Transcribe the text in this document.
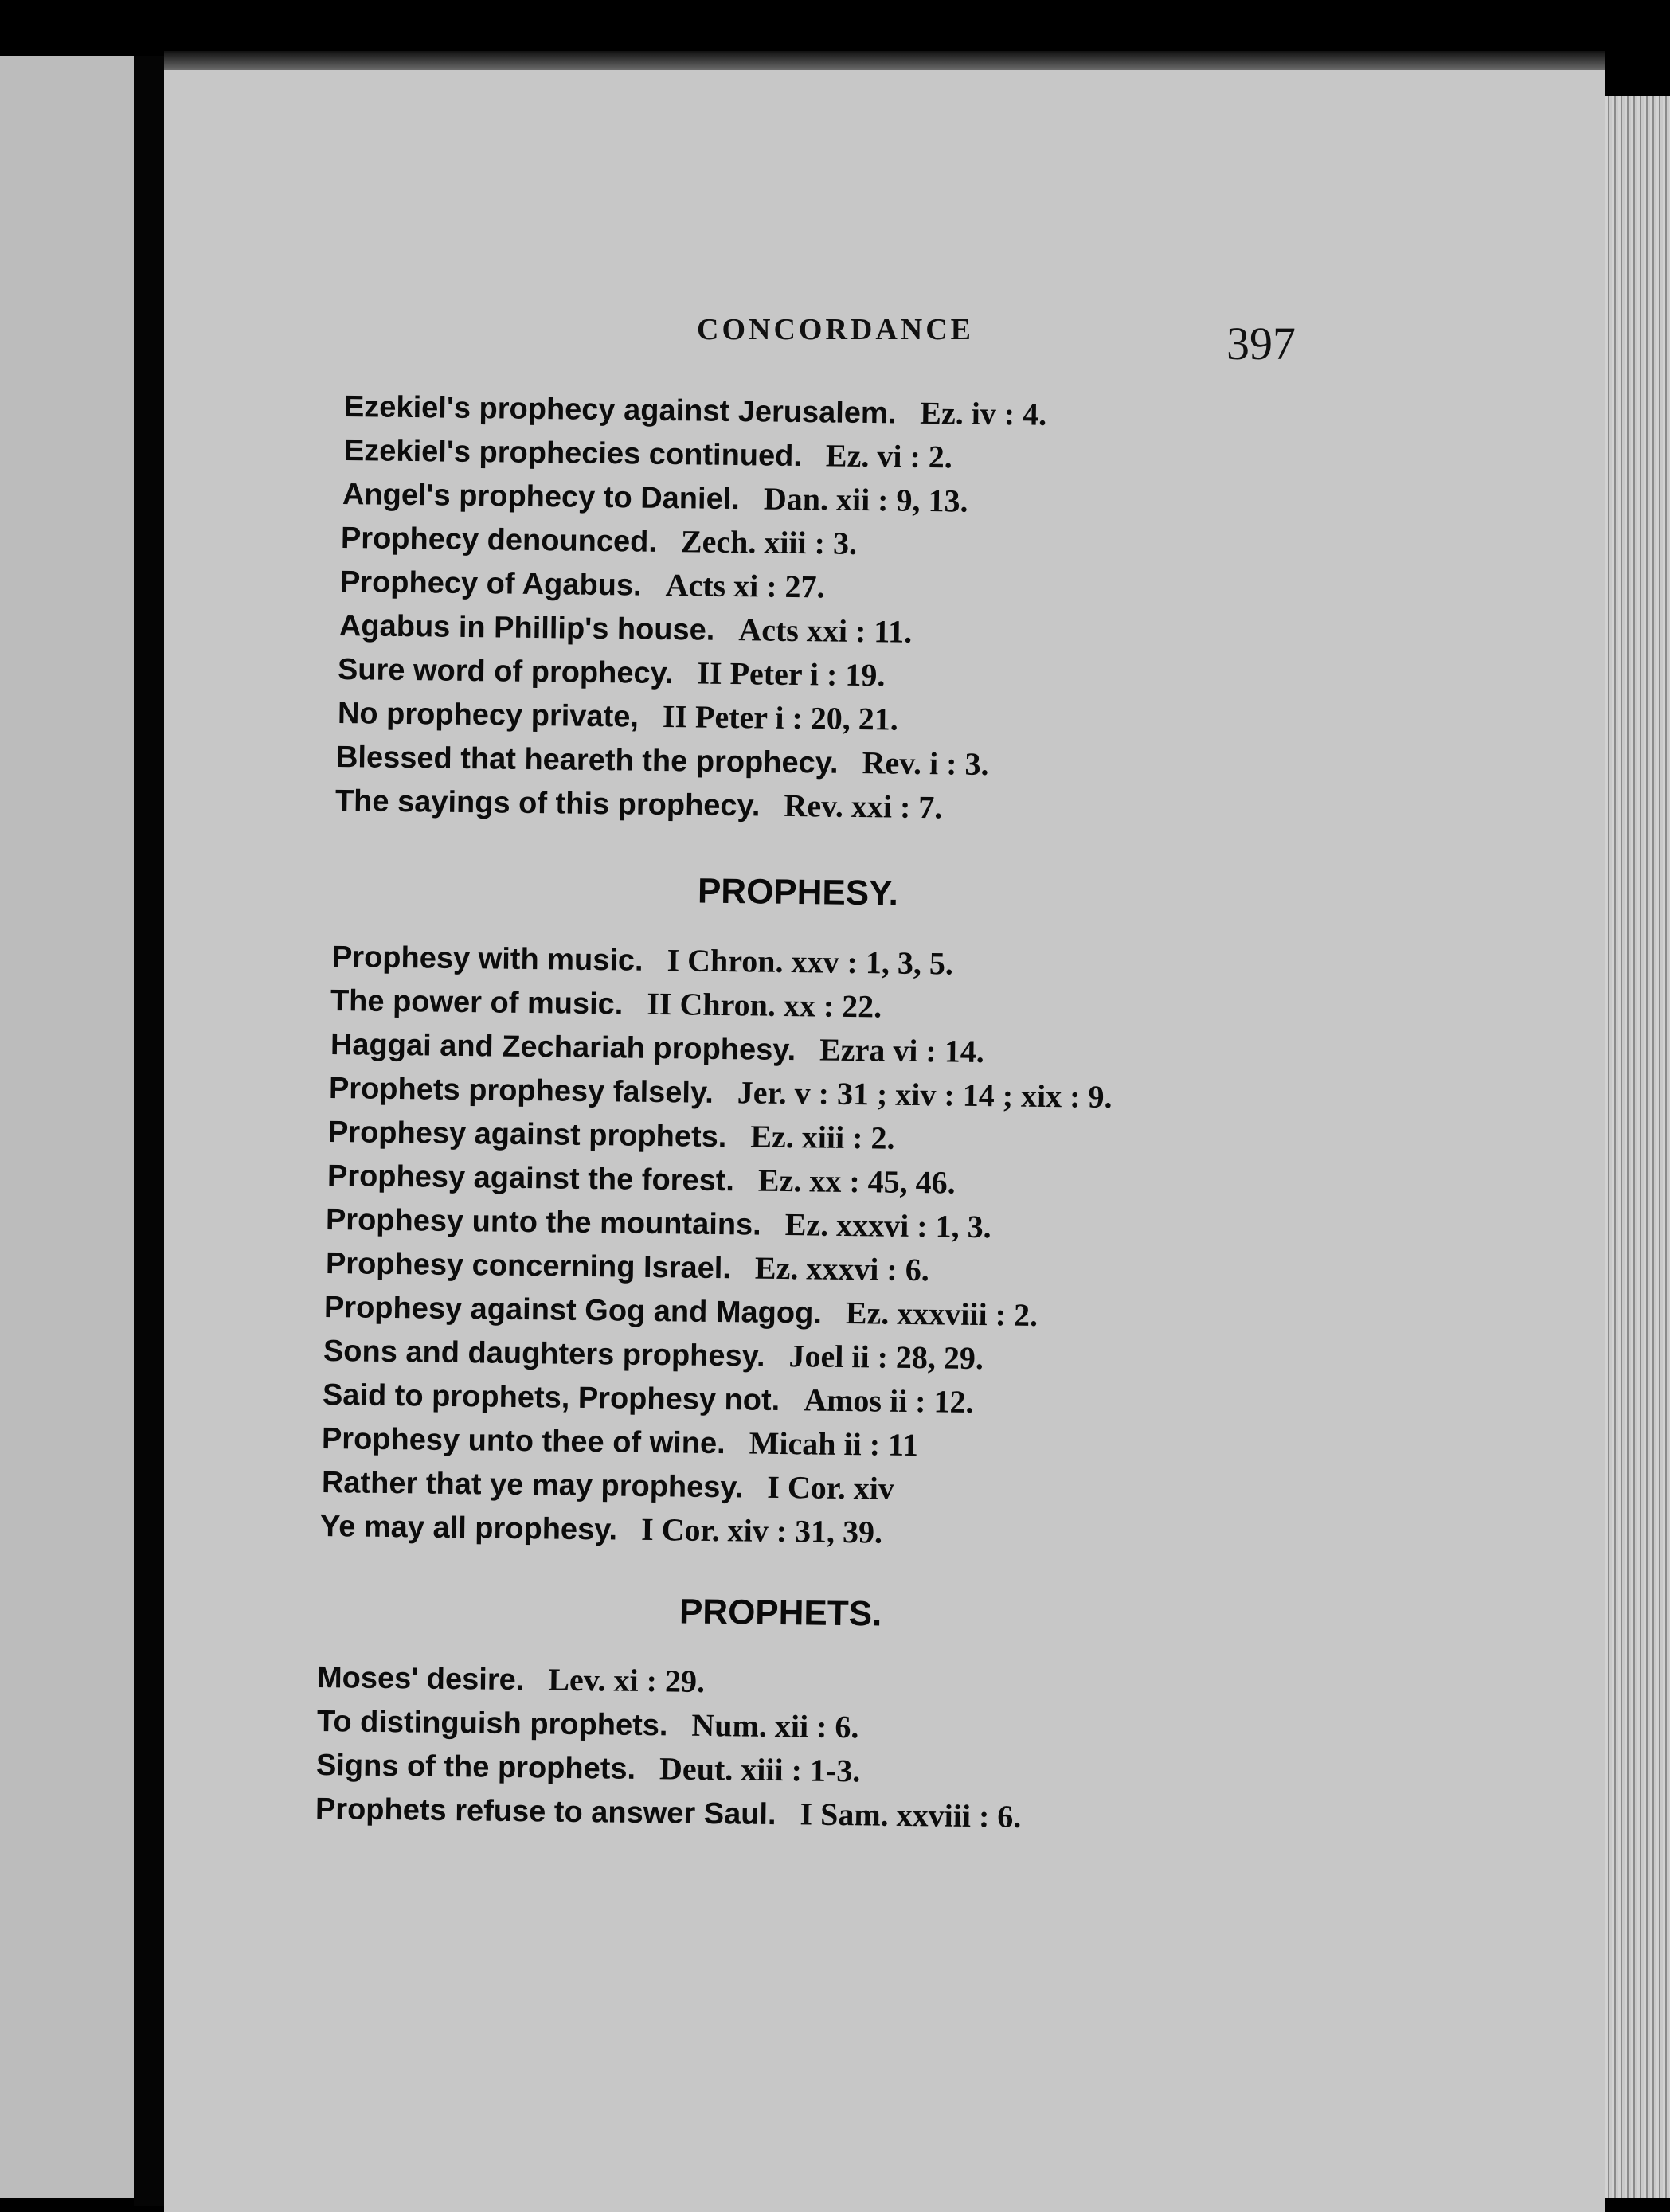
CONCORDANCE	397
Ezekiel's prophecy against Jerusalem. Ez. iv : 4.
Ezekiel's prophecies continued. Ez. vi : 2.
Angel's prophecy to Daniel. Dan. xii : 9, 13.
Prophecy denounced. Zech. xiii : 3.
Prophecy of Agabus. Acts xi : 27.
Agabus in Phillip's house. Acts xxi : 11.
Sure word of prophecy. II Peter i : 19.
No prophecy private, II Peter i : 20, 21.
Blessed that heareth the prophecy. Rev. i : 3.
The sayings of this prophecy. Rev. xxi : 7.
PROPHESY.
Prophesy with music. I Chron. xxv : 1, 3, 5.
The power of music. II Chron. xx : 22.
Haggai and Zechariah prophesy. Ezra vi : 14.
Prophets prophesy falsely. Jer. v : 31 ; xiv : 14 ; xix : 9.
Prophesy against prophets. Ez. xiii : 2.
Prophesy against the forest. Ez. xx : 45, 46.
Prophesy unto the mountains. Ez. xxxvi : 1, 3.
Prophesy concerning Israel. Ez. xxxvi : 6.
Prophesy against Gog and Magog. Ez. xxxviii : 2.
Sons and daughters prophesy. Joel ii : 28, 29.
Said to prophets, Prophesy not. Amos ii : 12.
Prophesy unto thee of wine. Micah ii : 11
Rather that ye may prophesy. I Cor. xiv
Ye may all prophesy. I Cor. xiv : 31, 39.
PROPHETS.
Moses' desire. Lev. xi : 29.
To distinguish prophets. Num. xii : 6.
Signs of the prophets. Deut. xiii : 1-3.
Prophets refuse to answer Saul. I Sam. xxviii : 6.
